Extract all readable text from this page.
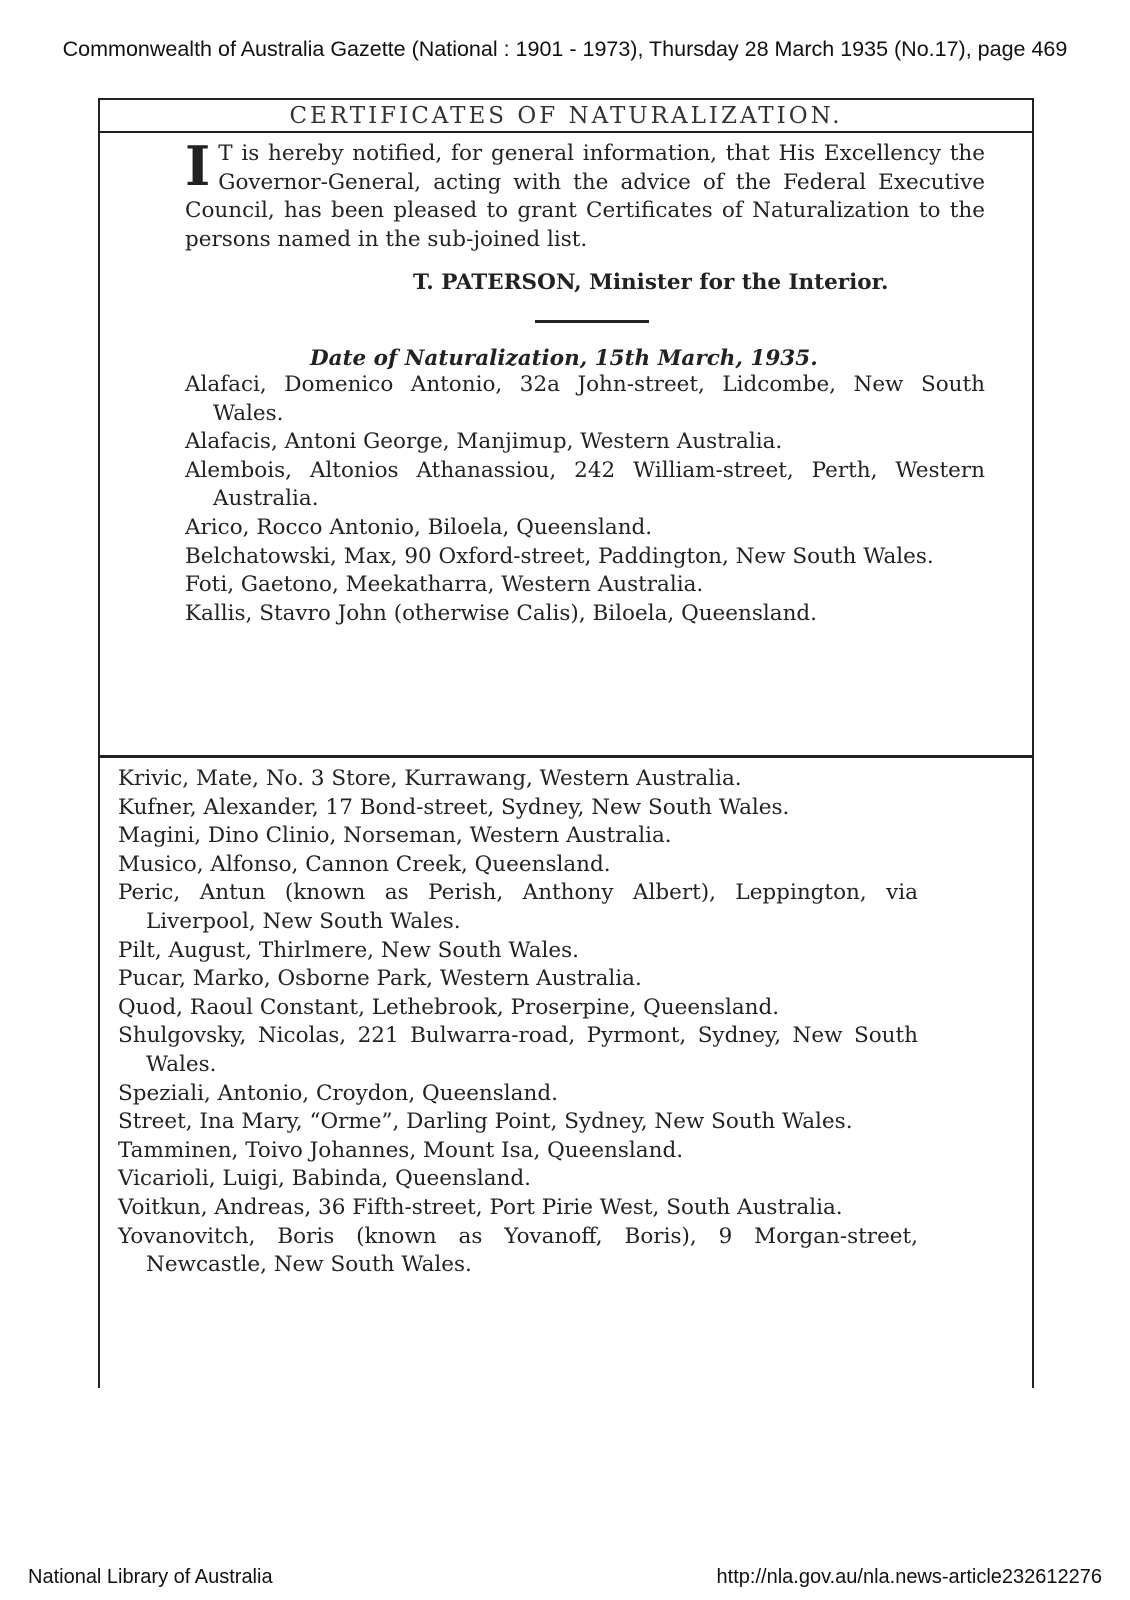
Commonwealth of Australia Gazette (National : 1901 - 1973), Thursday 28 March 1935 (No.17), page 469
CERTIFICATES OF NATURALIZATION.
I T is hereby notified, for general information, that His Excellency the Governor-General, acting with the advice of the Federal Executive Council, has been pleased to grant Certificates of Naturalization to the persons named in the sub-joined list.
T. PATERSON, Minister for the Interior.
Date of Naturalization, 15th March, 1935.
Alafaci, Domenico Antonio, 32a John-street, Lidcombe, New South Wales.
Alafacis, Antoni George, Manjimup, Western Australia.
Alembois, Altonios Athanassiou, 242 William-street, Perth, Western Australia.
Arico, Rocco Antonio, Biloela, Queensland.
Belchatowski, Max, 90 Oxford-street, Paddington, New South Wales.
Foti, Gaetono, Meekatharra, Western Australia.
Kallis, Stavro John (otherwise Calis), Biloela, Queensland.
Krivic, Mate, No. 3 Store, Kurrawang, Western Australia.
Kufner, Alexander, 17 Bond-street, Sydney, New South Wales.
Magini, Dino Clinio, Norseman, Western Australia.
Musico, Alfonso, Cannon Creek, Queensland.
Peric, Antun (known as Perish, Anthony Albert), Leppington, via Liverpool, New South Wales.
Pilt, August, Thirlmere, New South Wales.
Pucar, Marko, Osborne Park, Western Australia.
Quod, Raoul Constant, Lethebrook, Proserpine, Queensland.
Shulgovsky, Nicolas, 221 Bulwarra-road, Pyrmont, Sydney, New South Wales.
Speziali, Antonio, Croydon, Queensland.
Street, Ina Mary, “Orme”, Darling Point, Sydney, New South Wales.
Tamminen, Toivo Johannes, Mount Isa, Queensland.
Vicarioli, Luigi, Babinda, Queensland.
Voitkun, Andreas, 36 Fifth-street, Port Pirie West, South Australia.
Yovanovitch, Boris (known as Yovanoff, Boris), 9 Morgan-street, Newcastle, New South Wales.
National Library of Australia	http://nla.gov.au/nla.news-article232612276
